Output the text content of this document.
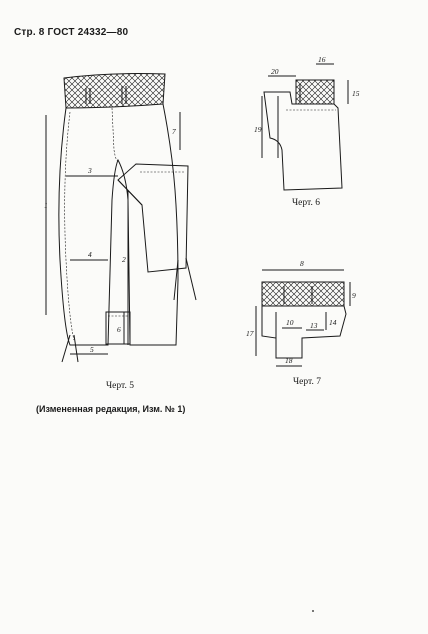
Стр. 8 ГОСТ 24332—80
1
2
3
4
5
6
7
20
16
15
19
8
9
10 13 14
17
18
Черт. 5
Черт. 6
Черт. 7
(Измененная редакция, Изм. № 1)
